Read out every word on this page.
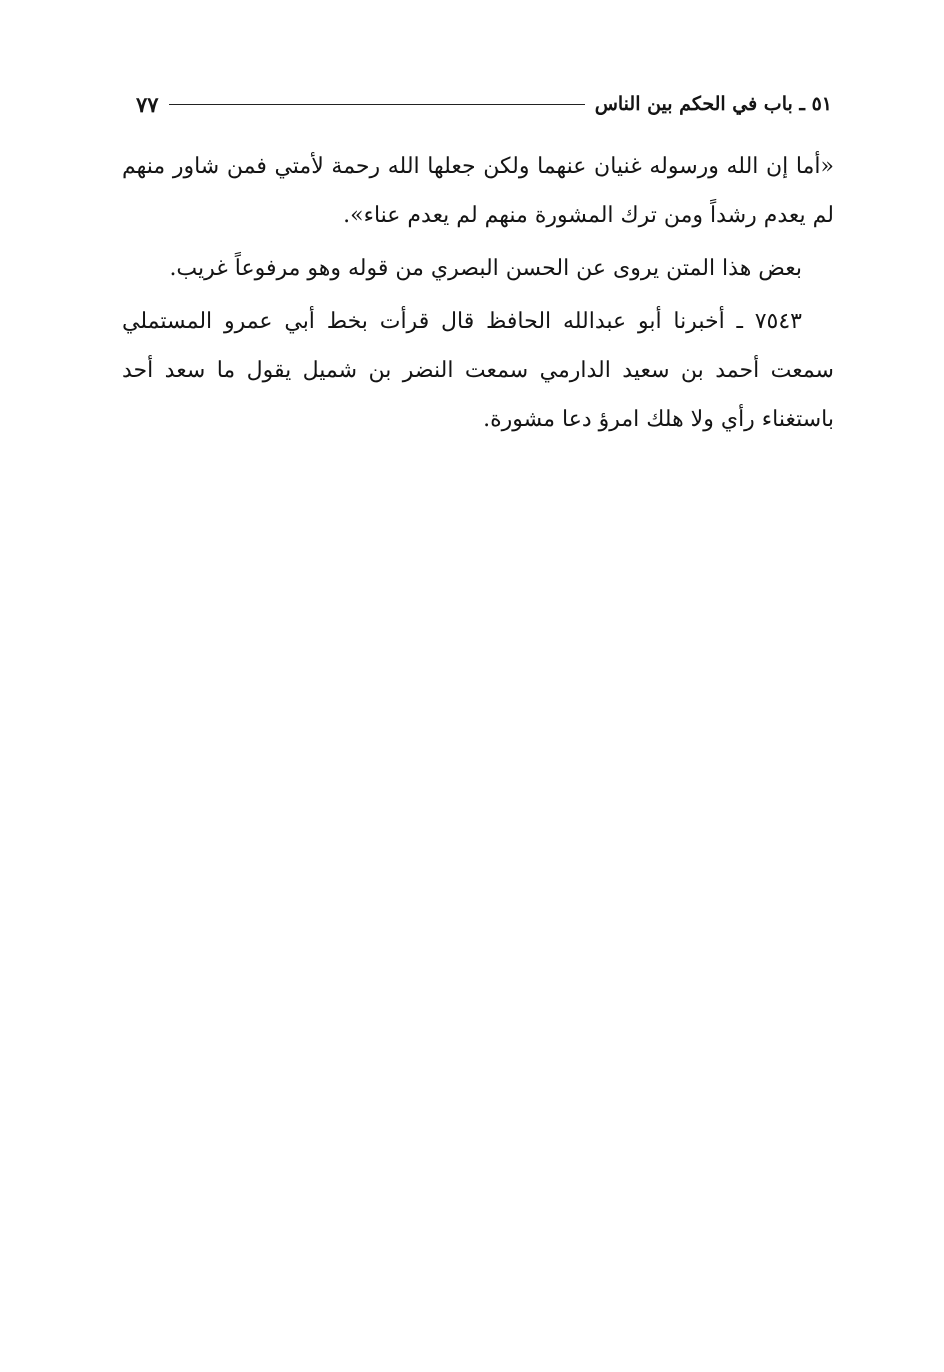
٧٧	٥١ ـ باب في الحكم بين الناس

«أما إن الله ورسوله غنيان عنهما ولكن جعلها الله رحمة لأمتي فمن شاور منهم لم يعدم رشداً ومن ترك المشورة منهم لم يعدم عناء».

بعض هذا المتن يروى عن الحسن البصري من قوله وهو مرفوعاً غريب.

٧٥٤٣ ـ أخبرنا أبو عبدالله الحافظ قال قرأت بخط أبي عمرو المستملي سمعت أحمد بن سعيد الدارمي سمعت النضر بن شميل يقول ما سعد أحد باستغناء رأي ولا هلك امرؤ دعا مشورة.
